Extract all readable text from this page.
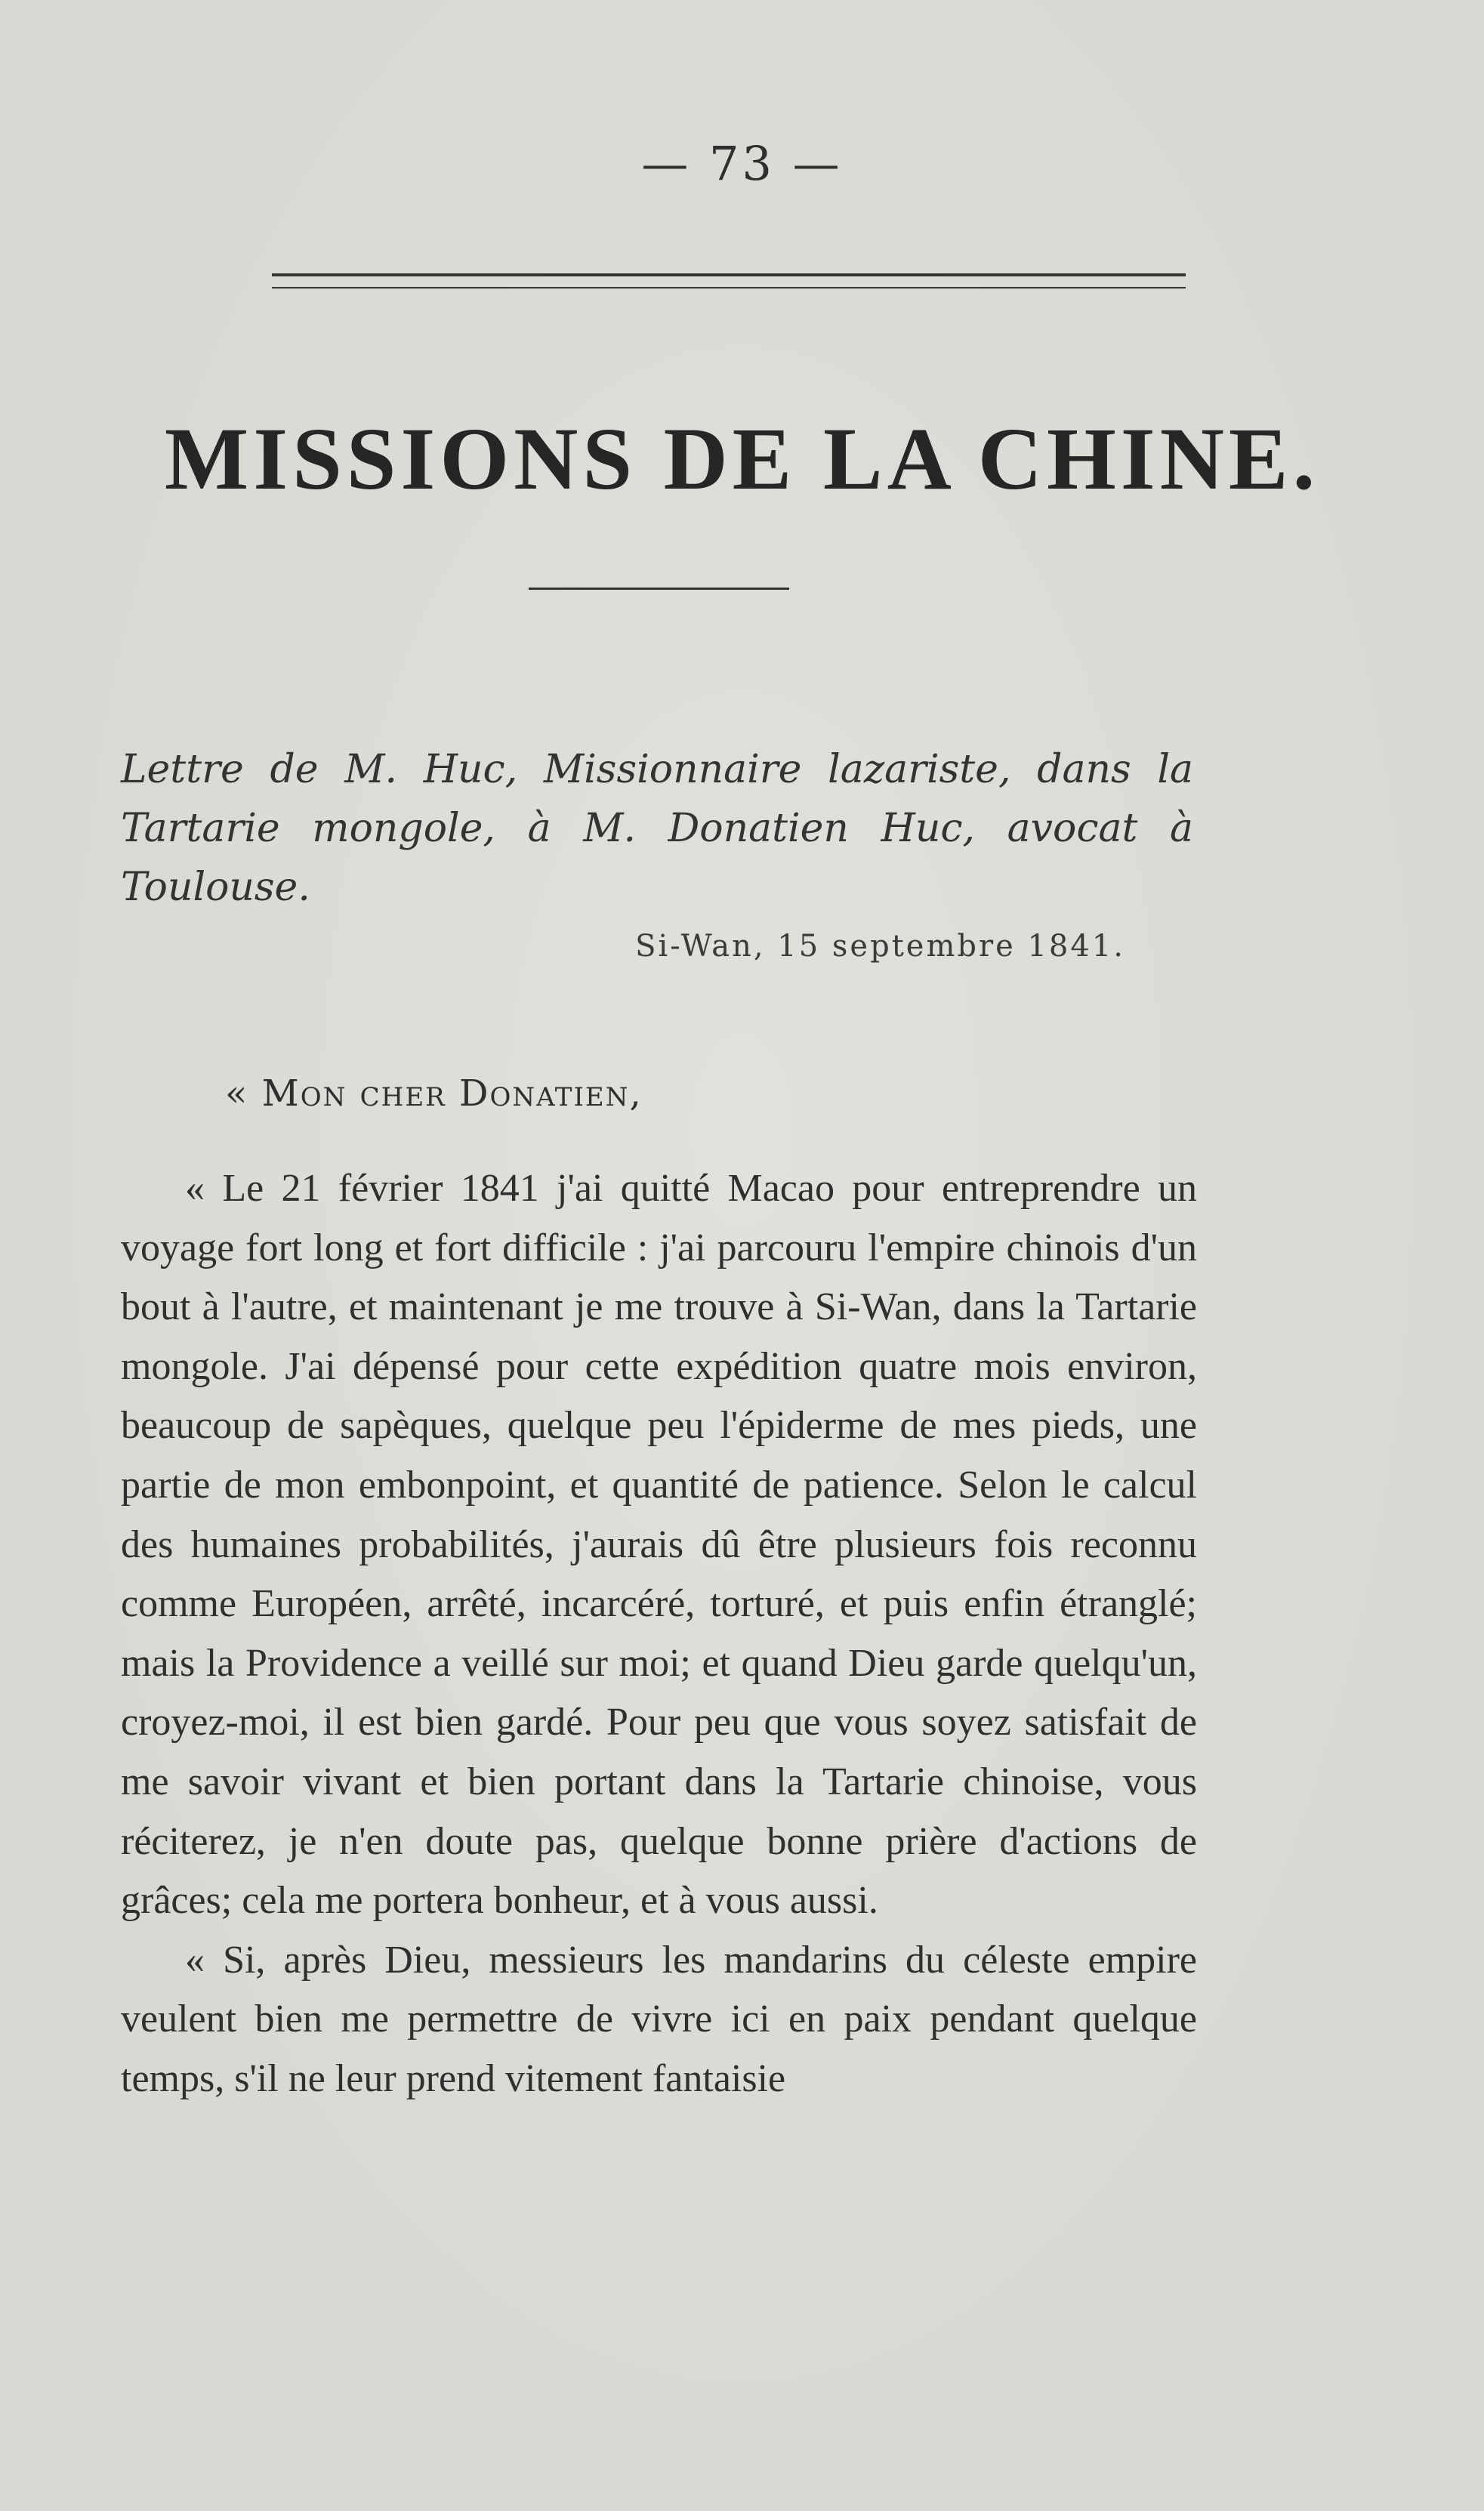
— 73 —
MISSIONS DE LA CHINE.
Lettre de M. Huc, Missionnaire lazariste, dans la Tartarie mongole, à M. Donatien Huc, avocat à Toulouse.
Si-Wan, 15 septembre 1841.
« Mon cher Donatien,

« Le 21 février 1841 j'ai quitté Macao pour entreprendre un voyage fort long et fort difficile : j'ai parcouru l'empire chinois d'un bout à l'autre, et maintenant je me trouve à Si-Wan, dans la Tartarie mongole. J'ai dépensé pour cette expédition quatre mois environ, beaucoup de sapèques, quelque peu l'épiderme de mes pieds, une partie de mon embonpoint, et quantité de patience. Selon le calcul des humaines probabilités, j'aurais dû être plusieurs fois reconnu comme Européen, arrêté, incarcéré, torturé, et puis enfin étranglé; mais la Providence a veillé sur moi; et quand Dieu garde quelqu'un, croyez-moi, il est bien gardé. Pour peu que vous soyez satisfait de me savoir vivant et bien portant dans la Tartarie chinoise, vous réciterez, je n'en doute pas, quelque bonne prière d'actions de grâces; cela me portera bonheur, et à vous aussi.

« Si, après Dieu, messieurs les mandarins du céleste empire veulent bien me permettre de vivre ici en paix pendant quelque temps, s'il ne leur prend vitement fantaisie
